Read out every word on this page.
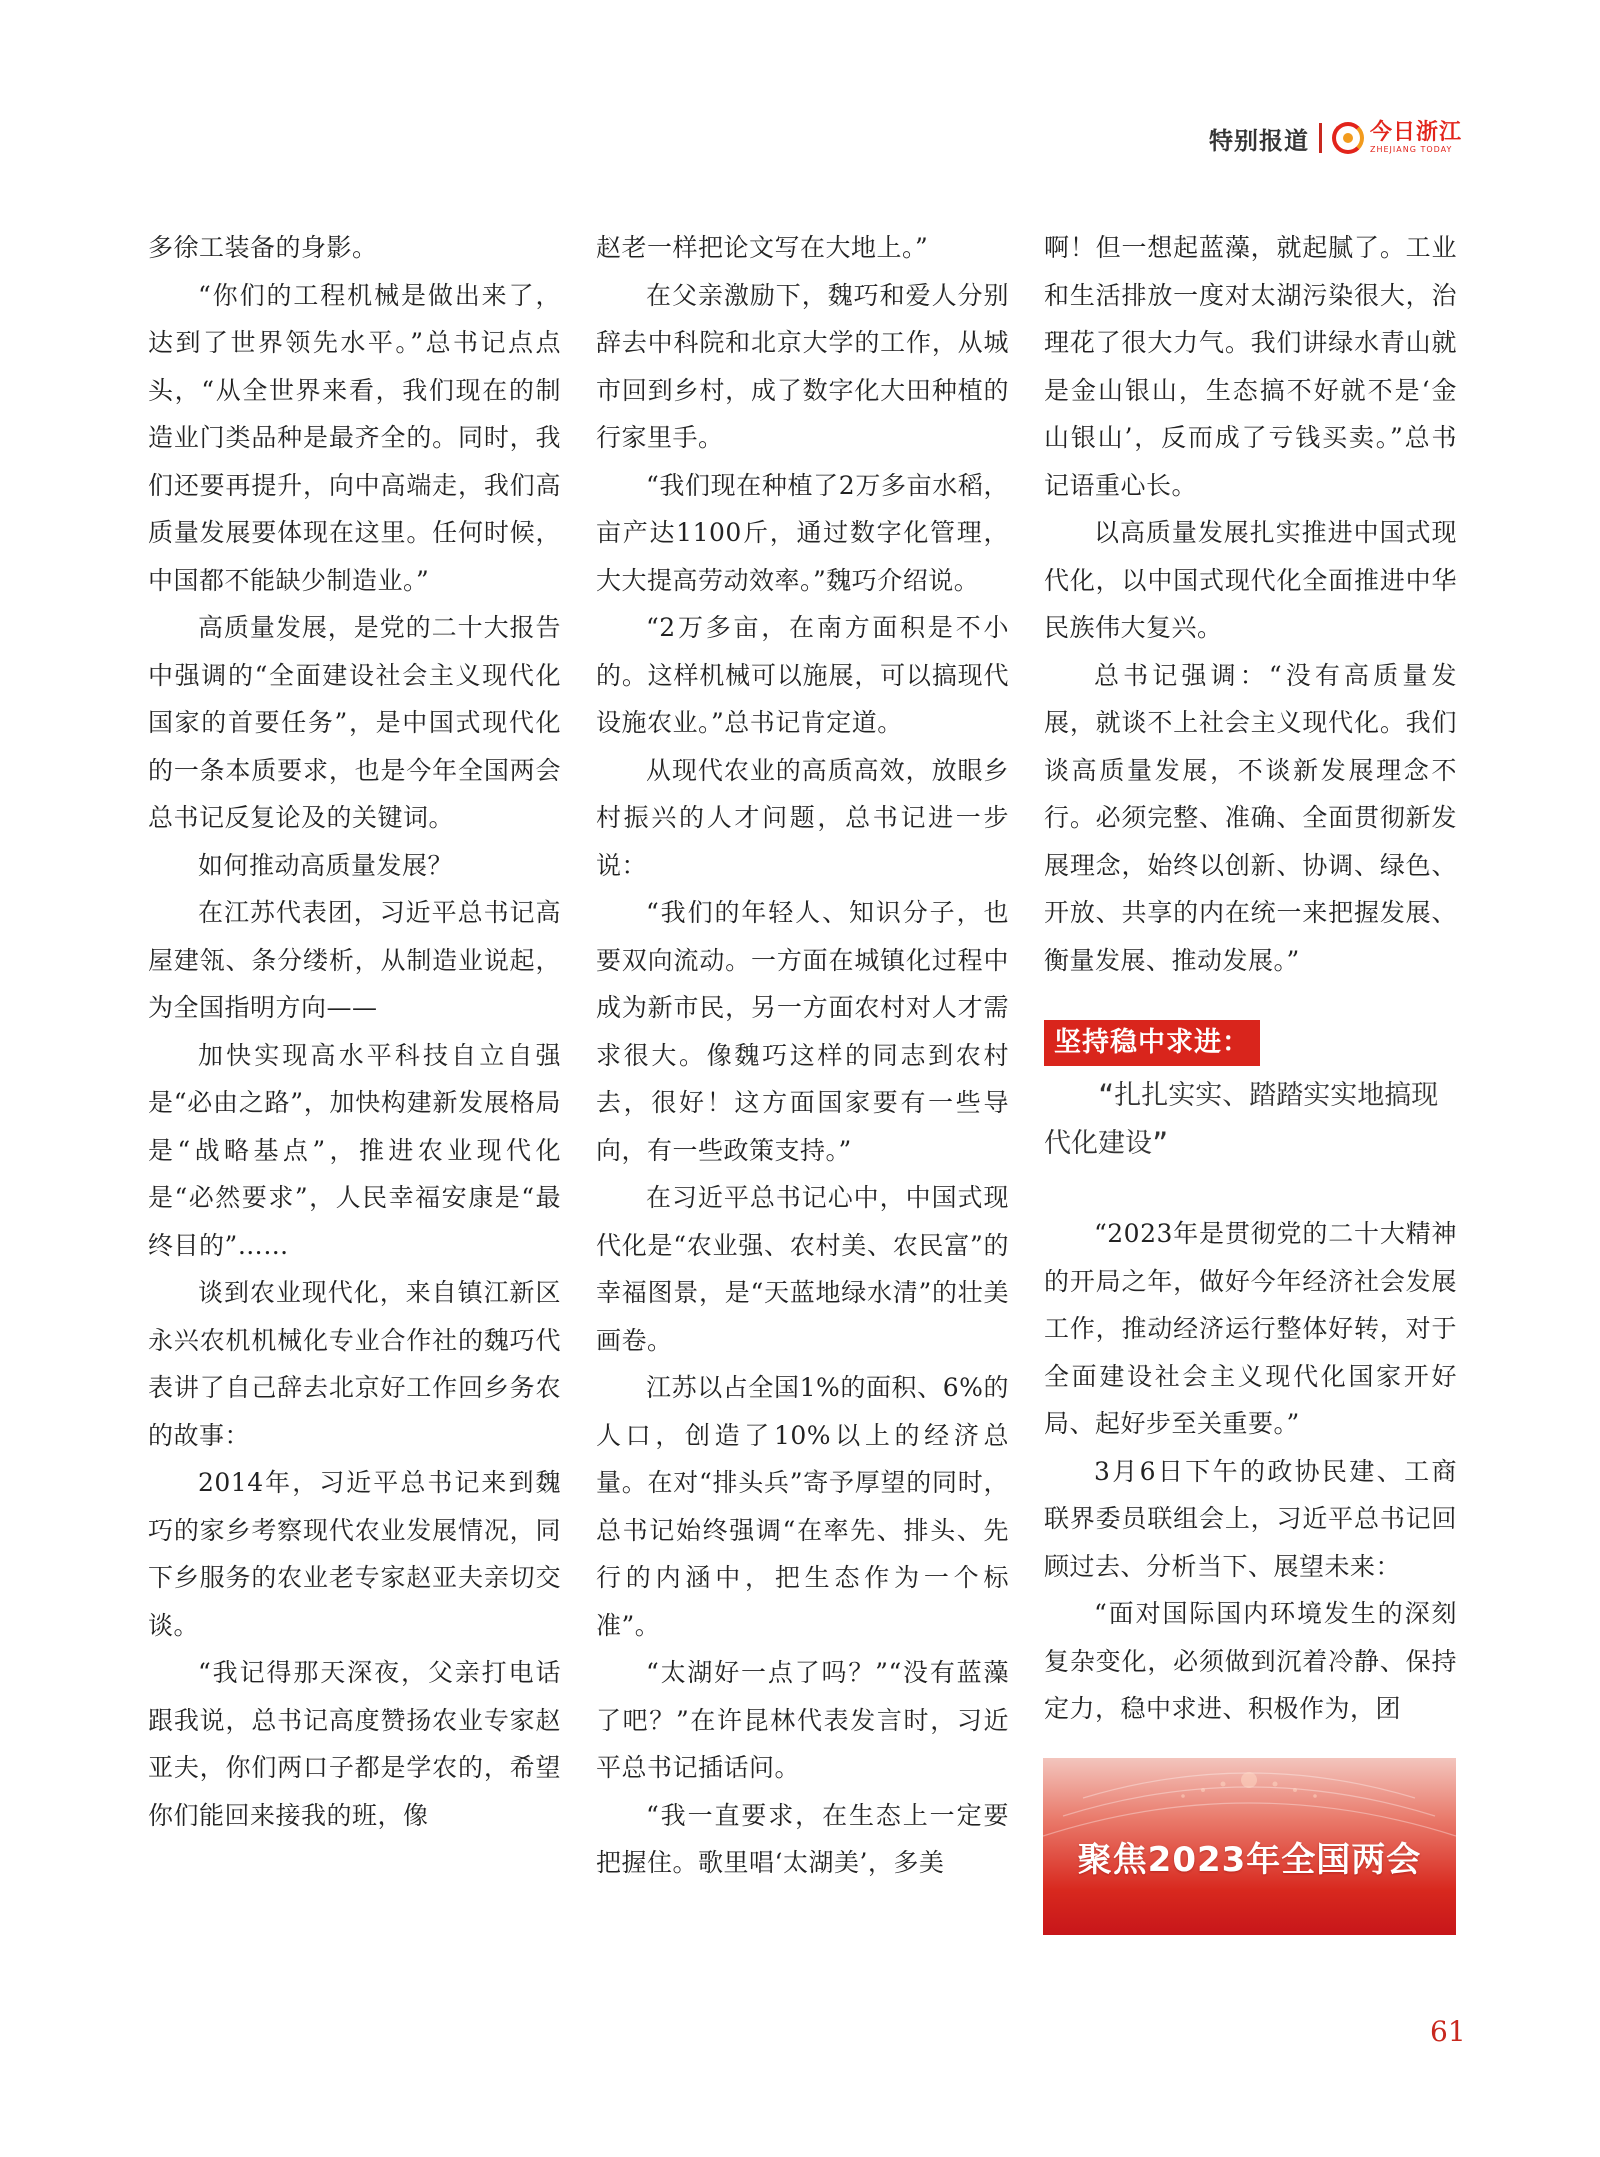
特别报道	今日浙江
ZHEJIANG TODAY

多徐工装备的身影。

“你们的工程机械是做出来了，达到了世界领先水平。”总书记点点头，“从全世界来看，我们现在的制造业门类品种是最齐全的。同时，我们还要再提升，向中高端走，我们高质量发展要体现在这里。任何时候，中国都不能缺少制造业。”

高质量发展，是党的二十大报告中强调的“全面建设社会主义现代化国家的首要任务”，是中国式现代化的一条本质要求，也是今年全国两会总书记反复论及的关键词。

如何推动高质量发展？

在江苏代表团，习近平总书记高屋建瓴、条分缕析，从制造业说起，为全国指明方向——

加快实现高水平科技自立自强是“必由之路”，加快构建新发展格局是“战略基点”，推进农业现代化是“必然要求”，人民幸福安康是“最终目的”……

谈到农业现代化，来自镇江新区永兴农机机械化专业合作社的魏巧代表讲了自己辞去北京好工作回乡务农的故事：

2014年，习近平总书记来到魏巧的家乡考察现代农业发展情况，同下乡服务的农业老专家赵亚夫亲切交谈。

“我记得那天深夜，父亲打电话跟我说，总书记高度赞扬农业专家赵亚夫，你们两口子都是学农的，希望你们能回来接我的班，像

赵老一样把论文写在大地上。”

在父亲激励下，魏巧和爱人分别辞去中科院和北京大学的工作，从城市回到乡村，成了数字化大田种植的行家里手。

“我们现在种植了2万多亩水稻，亩产达1100斤，通过数字化管理，大大提高劳动效率。”魏巧介绍说。

“2万多亩，在南方面积是不小的。这样机械可以施展，可以搞现代设施农业。”总书记肯定道。

从现代农业的高质高效，放眼乡村振兴的人才问题，总书记进一步说：

“我们的年轻人、知识分子，也要双向流动。一方面在城镇化过程中成为新市民，另一方面农村对人才需求很大。像魏巧这样的同志到农村去，很好！这方面国家要有一些导向，有一些政策支持。”

在习近平总书记心中，中国式现代化是“农业强、农村美、农民富”的幸福图景，是“天蓝地绿水清”的壮美画卷。

江苏以占全国1%的面积、6%的人口，创造了10%以上的经济总量。在对“排头兵”寄予厚望的同时，总书记始终强调“在率先、排头、先行的内涵中，把生态作为一个标准”。

“太湖好一点了吗？”“没有蓝藻了吧？”在许昆林代表发言时，习近平总书记插话问。

“我一直要求，在生态上一定要把握住。歌里唱‘太湖美’，多美

啊！但一想起蓝藻，就起腻了。工业和生活排放一度对太湖污染很大，治理花了很大力气。我们讲绿水青山就是金山银山，生态搞不好就不是‘金山银山’，反而成了亏钱买卖。”总书记语重心长。

以高质量发展扎实推进中国式现代化，以中国式现代化全面推进中华民族伟大复兴。

总书记强调：“没有高质量发展，就谈不上社会主义现代化。我们谈高质量发展，不谈新发展理念不行。必须完整、准确、全面贯彻新发展理念，始终以创新、协调、绿色、开放、共享的内在统一来把握发展、衡量发展、推动发展。”

坚持稳中求进：

“扎扎实实、踏踏实实地搞现代化建设”

“2023年是贯彻党的二十大精神的开局之年，做好今年经济社会发展工作，推动经济运行整体好转，对于全面建设社会主义现代化国家开好局、起好步至关重要。”

3月6日下午的政协民建、工商联界委员联组会上，习近平总书记回顾过去、分析当下、展望未来：

“面对国际国内环境发生的深刻复杂变化，必须做到沉着冷静、保持定力，稳中求进、积极作为，团

聚焦2023年全国两会
61
